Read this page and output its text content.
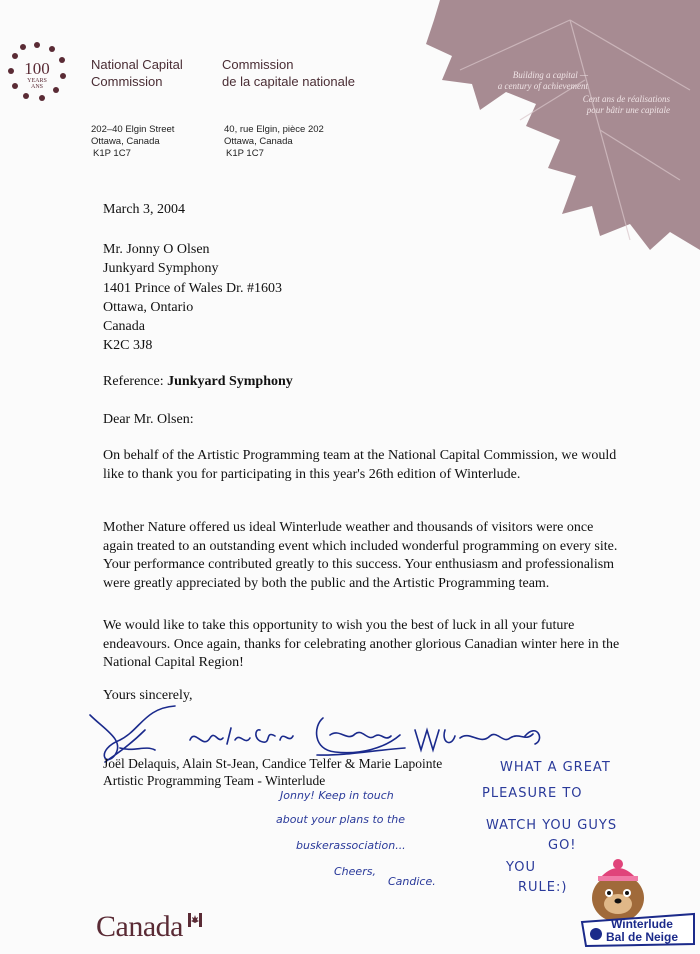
100
YEARS
ANS
National Capital
Commission
Commission
de la capitale nationale
202–40 Elgin Street
Ottawa, Canada
K1P 1C7
40, rue Elgin, pièce 202
Ottawa, Canada
K1P 1C7
Building a capital —
a century of achievement
Cent ans de réalisations
pour bâtir une capitale
March 3, 2004
Mr. Jonny O Olsen
Junkyard Symphony
1401 Prince of Wales Dr. #1603
Ottawa, Ontario
Canada
K2C 3J8
Reference: Junkyard Symphony
Dear Mr. Olsen:
On behalf of the Artistic Programming team at the National Capital Commission, we would like to thank you for participating in this year's 26th edition of Winterlude.
Mother Nature offered us ideal Winterlude weather and thousands of visitors were once again treated to an outstanding event which included wonderful programming on every site. Your performance contributed greatly to this success. Your enthusiasm and professionalism were greatly appreciated by both the public and the Artistic Programming team.
We would like to take this opportunity to wish you the best of luck in all your future endeavours. Once again, thanks for celebrating another glorious Canadian winter here in the National Capital Region!
Yours sincerely,
Joël Delaquis, Alain St-Jean, Candice Telfer & Marie Lapointe
Artistic Programming Team - Winterlude
Jonny! Keep in touch
about your plans to the
buskerassociation...
Cheers,
Candice.
WHAT A GREAT
PLEASURE TO
WATCH YOU GUYS
GO!
YOU
RULE:)
Canada	Winterlude
Bal de Neige
